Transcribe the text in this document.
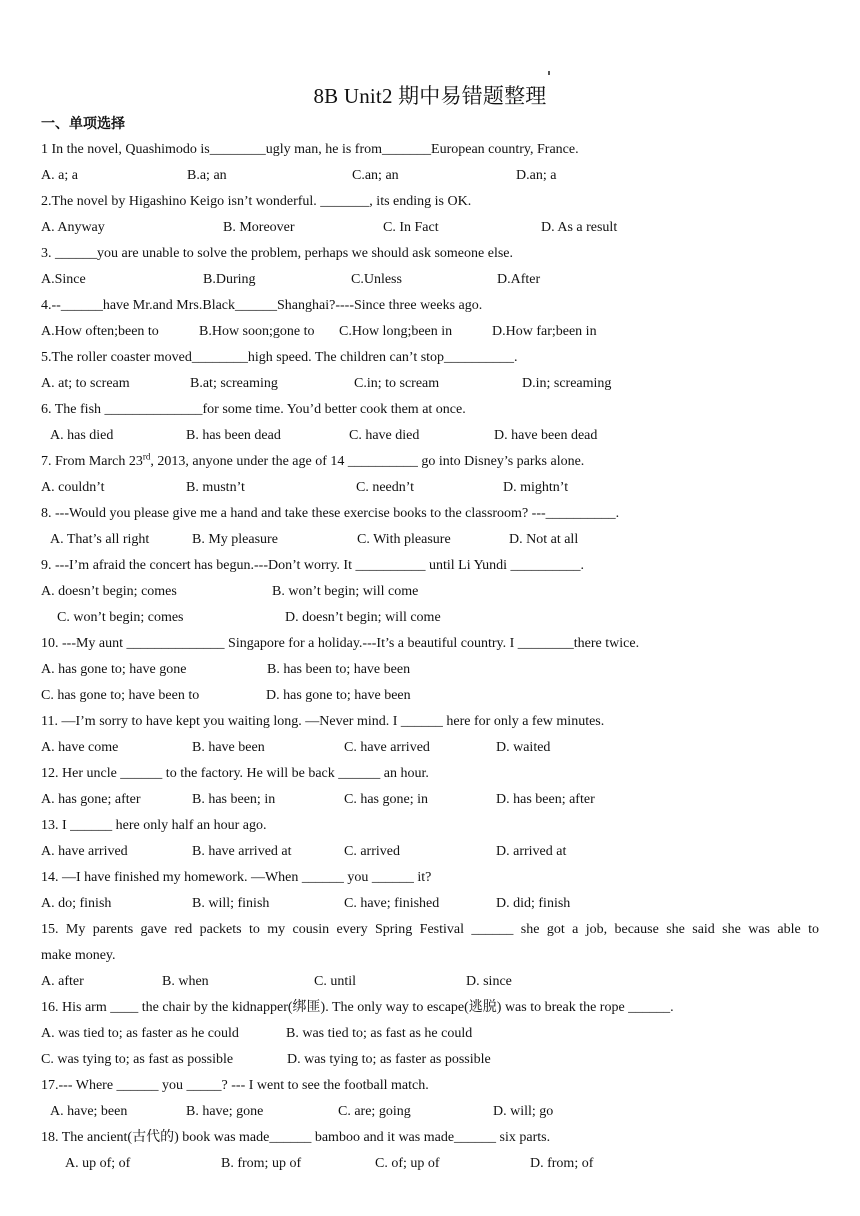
8B Unit2 期中易错题整理
一、单项选择
1 In the novel, Quashimodo is________ugly man, he is from_______European country, France.
A. a; a	B.a; an	C.an; an	D.an; a
2.The novel by Higashino Keigo isn’t wonderful. _______, its ending is OK.
A. Anyway	B. Moreover	C. In Fact	D. As a result
3. ______you are unable to solve the problem, perhaps we should ask someone else.
A.Since	B.During	C.Unless	D.After
4.--______have Mr.and Mrs.Black______Shanghai?----Since three weeks ago.
A.How often;been to	B.How soon;gone to C.How long;been in	D.How far;been in
5.The roller coaster moved________high speed. The children can’t stop__________.
A. at; to scream	B.at; screaming	C.in; to scream	D.in; screaming
6. The fish ______________for some time. You’d better cook them at once.
A. has died	B. has been dead	C. have died	D. have been dead
7. From March 23rd, 2013, anyone under the age of 14 __________ go into Disney’s parks alone.
A. couldn’t	B. mustn’t	C. needn’t	D. mightn’t
8. ---Would you please give me a hand and take these exercise books to the classroom? ---__________.
A. That’s all right	B. My pleasure	C. With pleasure	D. Not at all
9. ---I’m afraid the concert has begun.---Don’t worry. It __________ until Li Yundi __________.
A. doesn’t begin; comes	B. won’t begin; will come
C. won’t begin; comes	D. doesn’t begin; will come
10. ---My aunt ______________ Singapore for a holiday.---It’s a beautiful country. I ________there twice.
A. has gone to; have gone	B. has been to; have been
C. has gone to; have been to	D. has gone to; have been
11. —I’m sorry to have kept you waiting long. —Never mind. I ______ here for only a few minutes.
A. have come	B. have been	C. have arrived	D. waited
12. Her uncle ______ to the factory. He will be back ______ an hour.
A. has gone; after	B. has been; in	C. has gone; in	D. has been; after
13. I ______ here only half an hour ago.
A. have arrived	B. have arrived at	C. arrived	D. arrived at
14. —I have finished my homework. —When ______ you ______ it?
A. do; finish	B. will; finish	C. have; finished	D. did; finish
15. My parents gave red packets to my cousin every Spring Festival ______ she got a job, because she said she was able to
make money.
A. after	B. when	C. until	D. since
16. His arm ____ the chair by the kidnapper(绑匪). The only way to escape(逃脱) was to break the rope ______.
A. was tied to; as faster as he could	B. was tied to; as fast as he could
C. was tying to; as fast as possible	D. was tying to; as faster as possible
17.--- Where ______ you _____? --- I went to see the football match.
A. have; been	B. have; gone	C. are; going	D. will; go
18. The ancient(古代的) book was made______ bamboo and it was made______ six parts.
A. up of; of	B. from; up of	C. of; up of	D. from; of
